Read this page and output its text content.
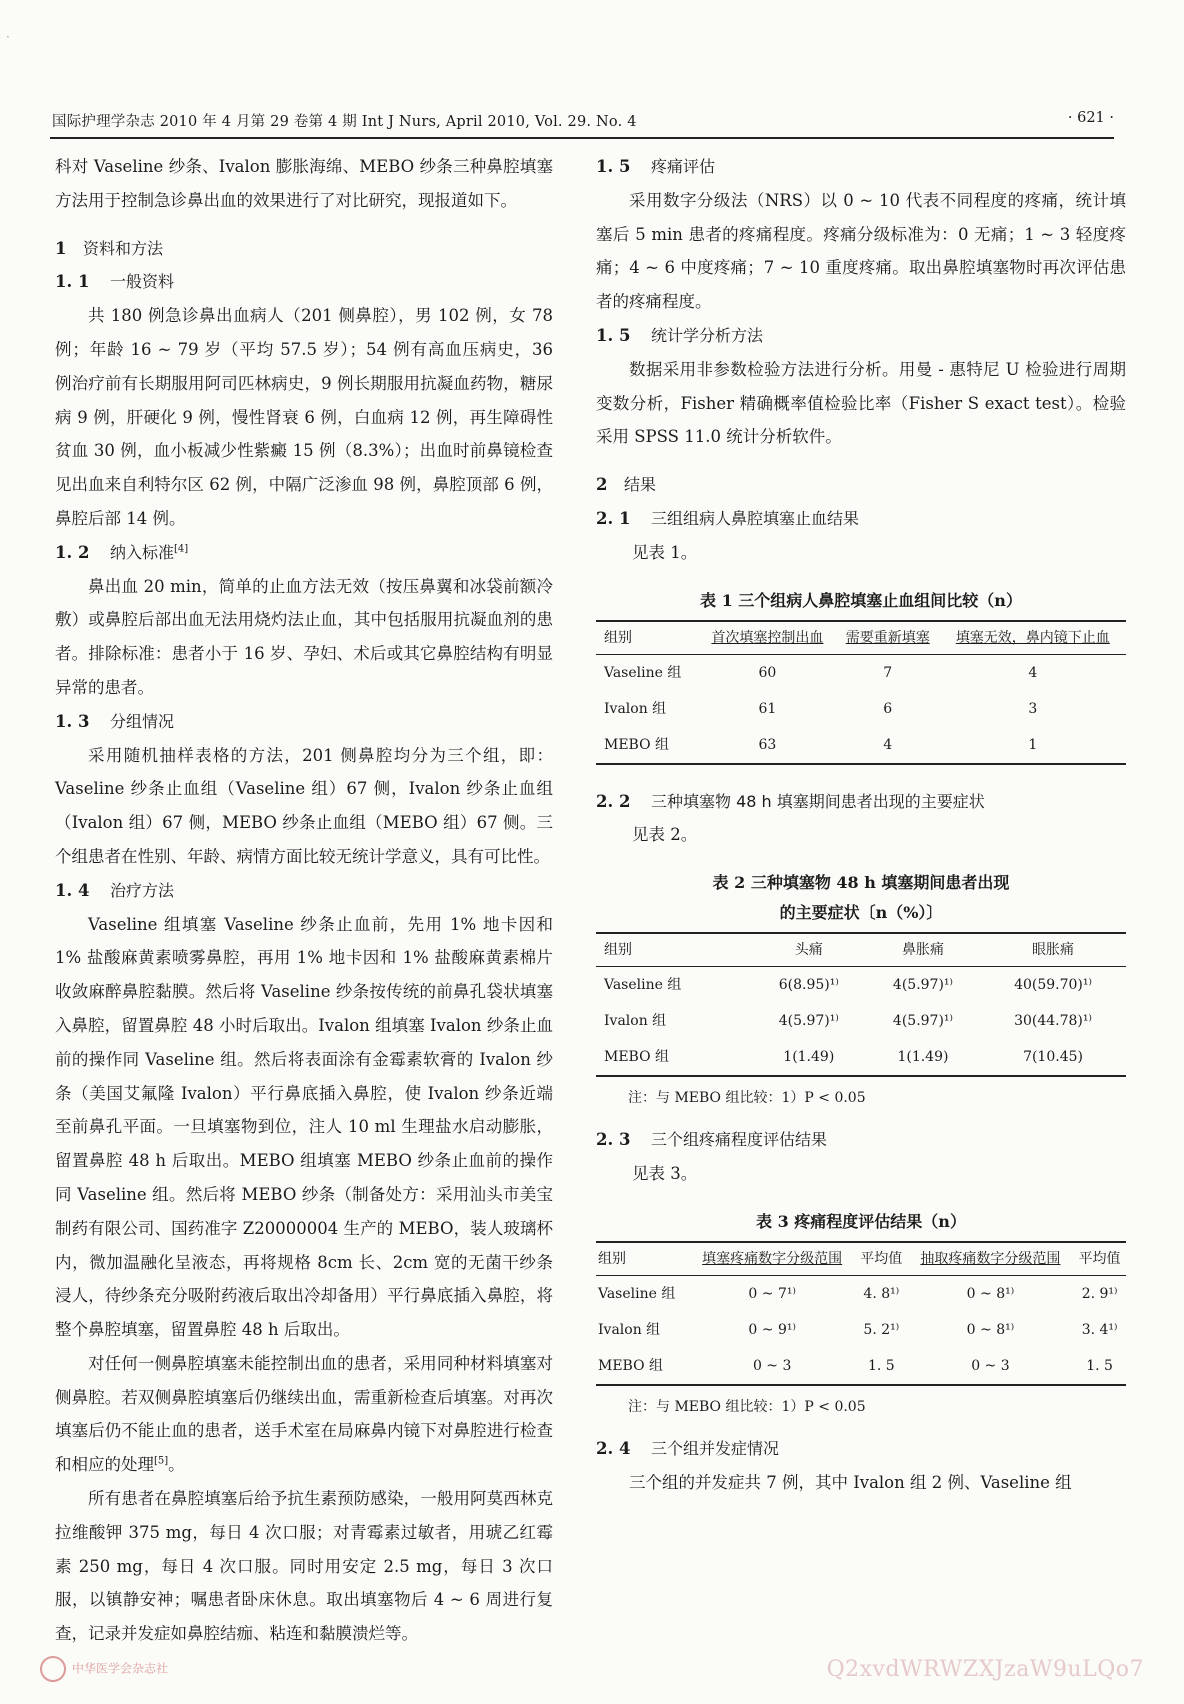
·
国际护理学杂志 2010 年 4 月第 29 卷第 4 期 Int J Nurs, April 2010, Vol. 29. No. 4	· 621 ·

科对 Vaseline 纱条、Ivalon 膨胀海绵、MEBO 纱条三种鼻腔填塞方法用于控制急诊鼻出血的效果进行了对比研究，现报道如下。

1 资料和方法

1. 1 一般资料

共 180 例急诊鼻出血病人（201 侧鼻腔），男 102 例，女 78 例；年龄 16 ~ 79 岁（平均 57.5 岁）；54 例有高血压病史，36 例治疗前有长期服用阿司匹林病史，9 例长期服用抗凝血药物，糖尿病 9 例，肝硬化 9 例，慢性肾衰 6 例，白血病 12 例，再生障碍性贫血 30 例，血小板减少性紫癜 15 例（8.3%）；出血时前鼻镜检查见出血来自利特尔区 62 例，中隔广泛渗血 98 例，鼻腔顶部 6 例，鼻腔后部 14 例。

1. 2 纳入标准[4]

鼻出血 20 min，简单的止血方法无效（按压鼻翼和冰袋前额冷敷）或鼻腔后部出血无法用烧灼法止血，其中包括服用抗凝血剂的患者。排除标准：患者小于 16 岁、孕妇、术后或其它鼻腔结构有明显异常的患者。

1. 3 分组情况

采用随机抽样表格的方法，201 侧鼻腔均分为三个组，即：Vaseline 纱条止血组（Vaseline 组）67 侧，Ivalon 纱条止血组（Ivalon 组）67 侧，MEBO 纱条止血组（MEBO 组）67 侧。三个组患者在性别、年龄、病情方面比较无统计学意义，具有可比性。

1. 4 治疗方法

Vaseline 组填塞 Vaseline 纱条止血前，先用 1% 地卡因和 1% 盐酸麻黄素喷雾鼻腔，再用 1% 地卡因和 1% 盐酸麻黄素棉片收敛麻醉鼻腔黏膜。然后将 Vaseline 纱条按传统的前鼻孔袋状填塞入鼻腔，留置鼻腔 48 小时后取出。Ivalon 组填塞 Ivalon 纱条止血前的操作同 Vaseline 组。然后将表面涂有金霉素软膏的 Ivalon 纱条（美国艾氟隆 Ivalon）平行鼻底插入鼻腔，使 Ivalon 纱条近端至前鼻孔平面。一旦填塞物到位，注人 10 ml 生理盐水启动膨胀，留置鼻腔 48 h 后取出。MEBO 组填塞 MEBO 纱条止血前的操作同 Vaseline 组。然后将 MEBO 纱条（制备处方：采用汕头市美宝制药有限公司、国药准字 Z20000004 生产的 MEBO，装人玻璃杯内，微加温融化呈液态，再将规格 8cm 长、2cm 宽的无菌干纱条浸人，待纱条充分吸附药液后取出冷却备用）平行鼻底插入鼻腔，将整个鼻腔填塞，留置鼻腔 48 h 后取出。

对任何一侧鼻腔填塞未能控制出血的患者，采用同种材料填塞对侧鼻腔。若双侧鼻腔填塞后仍继续出血，需重新检查后填塞。对再次填塞后仍不能止血的患者，送手术室在局麻鼻内镜下对鼻腔进行检查和相应的处理[5]。

所有患者在鼻腔填塞后给予抗生素预防感染，一般用阿莫西林克拉维酸钾 375 mg，每日 4 次口服；对青霉素过敏者，用琥乙红霉素 250 mg，每日 4 次口服。同时用安定 2.5 mg，每日 3 次口服，以镇静安神；嘱患者卧床休息。取出填塞物后 4 ~ 6 周进行复查，记录并发症如鼻腔结痂、粘连和黏膜溃烂等。

1. 5 疼痛评估

采用数字分级法（NRS）以 0 ~ 10 代表不同程度的疼痛，统计填塞后 5 min 患者的疼痛程度。疼痛分级标准为：0 无痛；1 ~ 3 轻度疼痛；4 ~ 6 中度疼痛；7 ~ 10 重度疼痛。取出鼻腔填塞物时再次评估患者的疼痛程度。

1. 5 统计学分析方法

数据采用非参数检验方法进行分析。用曼 - 惠特尼 U 检验进行周期变数分析，Fisher 精确概率值检验比率（Fisher S exact test）。检验采用 SPSS 11.0 统计分析软件。

2 结果

2. 1 三组组病人鼻腔填塞止血结果

见表 1。

表 1 三个组病人鼻腔填塞止血组间比较（n）
组别	首次填塞控制出血	需要重新填塞	填塞无效，鼻内镜下止血
Vaseline 组	60	7	4
Ivalon 组	61	6	3
MEBO 组	63	4	1

2. 2 三种填塞物 48 h 填塞期间患者出现的主要症状

见表 2。

表 2 三种填塞物 48 h 填塞期间患者出现
的主要症状〔n（%）〕
组别	头痛	鼻胀痛	眼胀痛
Vaseline 组	6(8.95)¹⁾	4(5.97)¹⁾	40(59.70)¹⁾
Ivalon 组	4(5.97)¹⁾	4(5.97)¹⁾	30(44.78)¹⁾
MEBO 组	1(1.49)	1(1.49)	7(10.45)

注：与 MEBO 组比较：1）P < 0.05

2. 3 三个组疼痛程度评估结果

见表 3。

表 3 疼痛程度评估结果（n）
组别	填塞疼痛数字分级范围	平均值	抽取疼痛数字分级范围	平均值
Vaseline 组	0 ~ 7¹⁾	4. 8¹⁾	0 ~ 8¹⁾	2. 9¹⁾
Ivalon 组	0 ~ 9¹⁾	5. 2¹⁾	0 ~ 8¹⁾	3. 4¹⁾
MEBO 组	0 ~ 3	1. 5	0 ~ 3	1. 5

注：与 MEBO 组比较：1）P < 0.05

2. 4 三个组并发症情况

三个组的并发症共 7 例，其中 Ivalon 组 2 例、Vaseline 组

中华医学会杂志社	Q2xvdWRWZXJzaW9uLQo7
